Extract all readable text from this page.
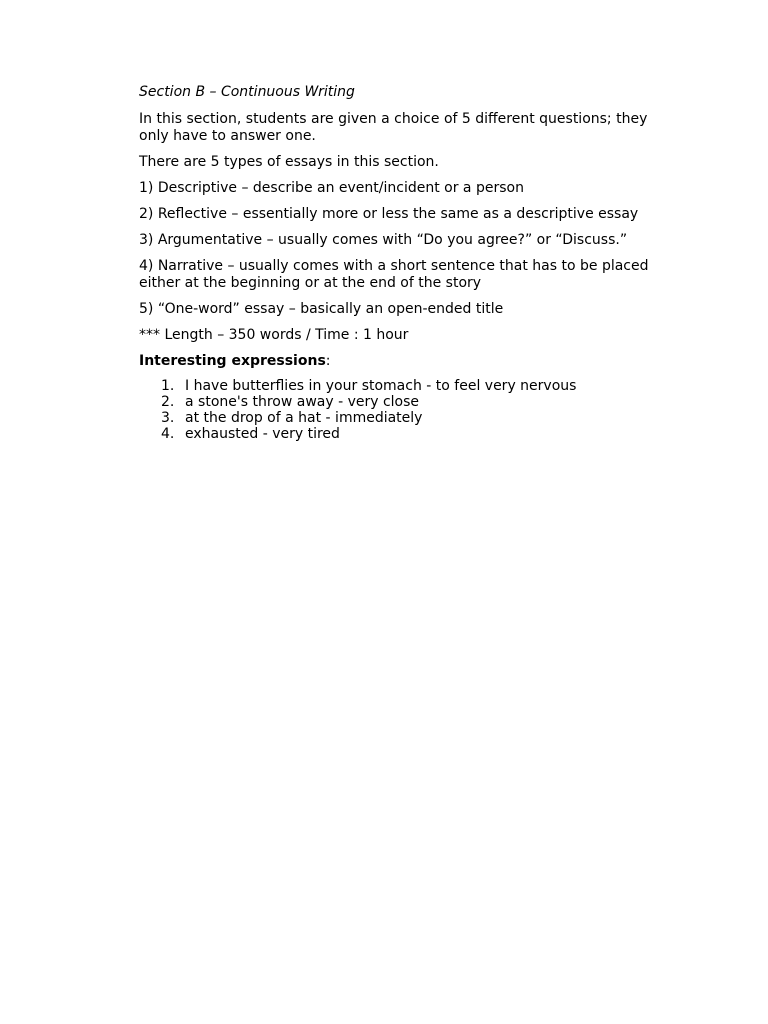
Section B – Continuous Writing

In this section, students are given a choice of 5 different questions; they only have to answer one.

There are 5 types of essays in this section.

1) Descriptive – describe an event/incident or a person

2) Reflective – essentially more or less the same as a descriptive essay

3) Argumentative – usually comes with “Do you agree?” or “Discuss.”

4) Narrative – usually comes with a short sentence that has to be placed either at the beginning or at the end of the story

5) “One-word” essay – basically an open-ended title

*** Length – 350 words / Time : 1 hour

Interesting expressions:
1. I have butterflies in your stomach - to feel very nervous
2. a stone's throw away - very close
3. at the drop of a hat - immediately
4. exhausted - very tired
